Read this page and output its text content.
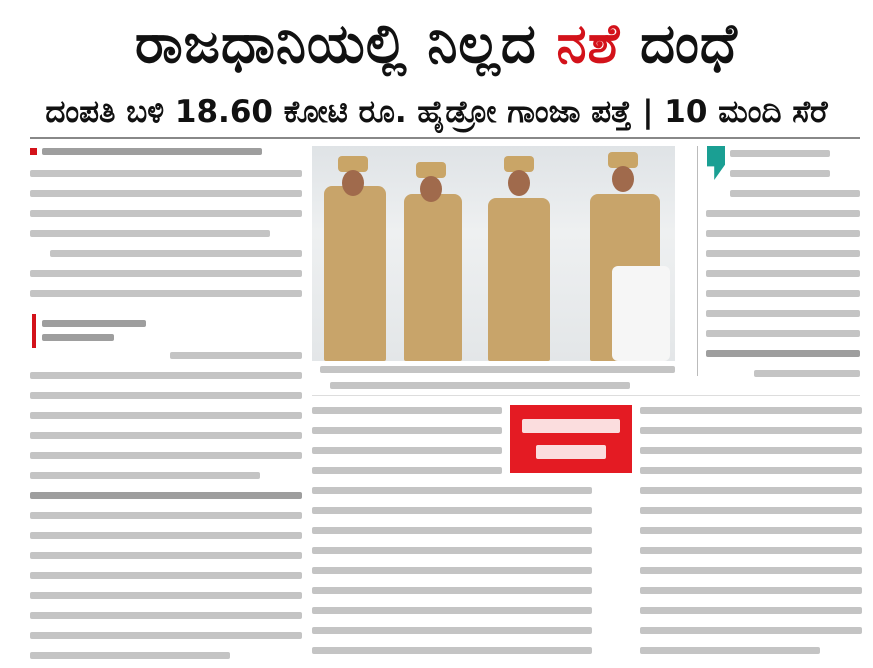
ರಾಜಧಾನಿಯಲ್ಲಿ ನಿಲ್ಲದ ನಶೆ ದಂಧೆ
ದಂಪತಿ ಬಳಿ 18.60 ಕೋಟಿ ರೂ. ಹೈಡ್ರೋ ಗಾಂಜಾ ಪತ್ತೆ | 10 ಮಂದಿ ಸೆರೆ
